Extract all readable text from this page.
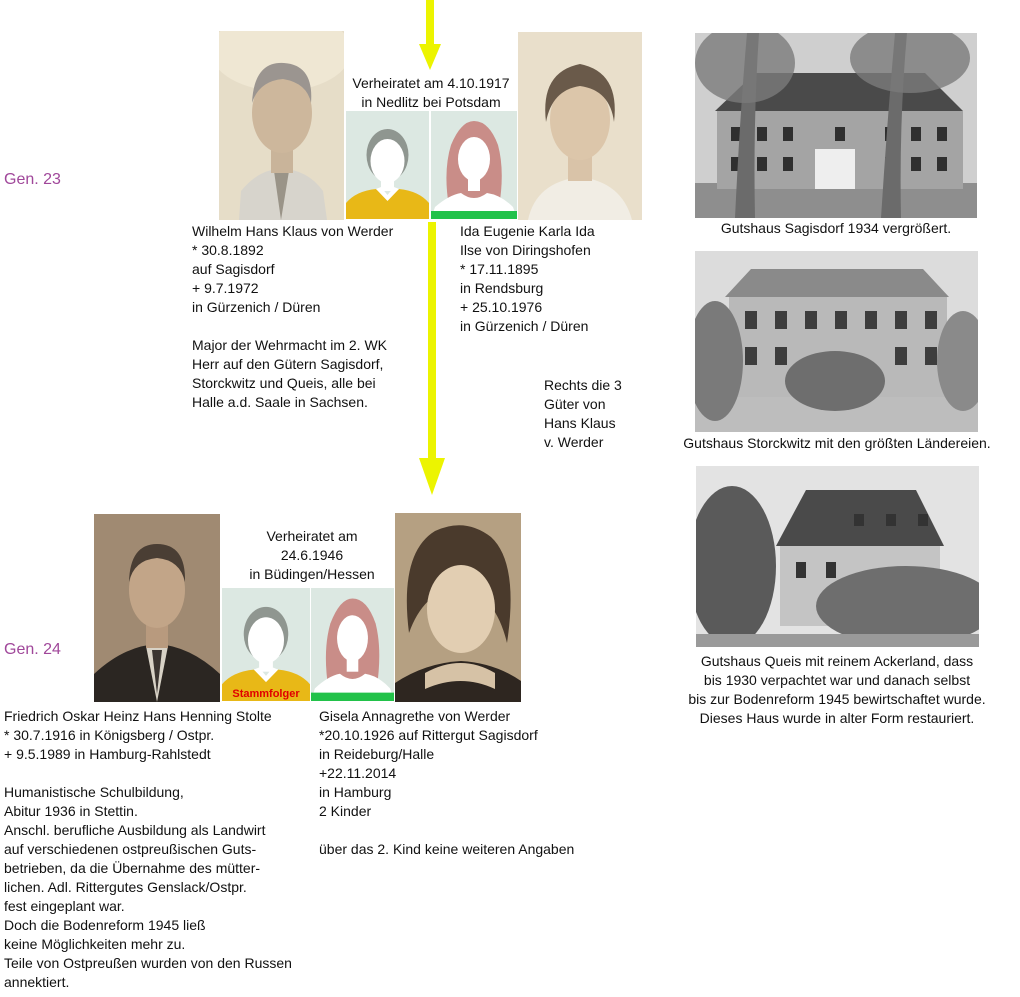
Gen. 23
Gen. 24
Verheiratet am 4.10.1917
in Nedlitz bei Potsdam
Wilhelm Hans Klaus von Werder
* 30.8.1892
auf Sagisdorf
+ 9.7.1972
in Gürzenich / Düren

Major der Wehrmacht im 2. WK
Herr auf den Gütern Sagisdorf,
Storckwitz und Queis, alle bei
Halle a.d. Saale in Sachsen.
Ida Eugenie Karla Ida
Ilse von Diringshofen
* 17.11.1895
in Rendsburg
+ 25.10.1976
in Gürzenich / Düren
Rechts die 3
Güter von
Hans Klaus
v. Werder
Gutshaus Sagisdorf 1934 vergrößert.
Gutshaus Storckwitz mit den größten Ländereien.
Gutshaus Queis mit reinem Ackerland, dass
bis 1930 verpachtet war und danach selbst
bis zur Bodenreform 1945 bewirtschaftet wurde.
Dieses Haus wurde in alter Form restauriert.
Verheiratet am
24.6.1946
in Büdingen/Hessen
Stammfolger
Friedrich Oskar Heinz Hans Henning Stolte
* 30.7.1916 in Königsberg / Ostpr.
+ 9.5.1989 in Hamburg-Rahlstedt

Humanistische Schulbildung,
Abitur 1936 in Stettin.
Anschl. berufliche Ausbildung als Landwirt
auf verschiedenen ostpreußischen Guts-
betrieben, da die Übernahme des mütter-
lichen. Adl. Rittergutes Genslack/Ostpr.
fest eingeplant war.
Doch die Bodenreform 1945 ließ
keine Möglichkeiten mehr zu.
Teile von Ostpreußen wurden von den Russen
annektiert.
Gisela Annagrethe von Werder
*20.10.1926 auf Rittergut Sagisdorf
in Reideburg/Halle
+22.11.2014
in Hamburg
2 Kinder

über das 2. Kind keine weiteren Angaben
